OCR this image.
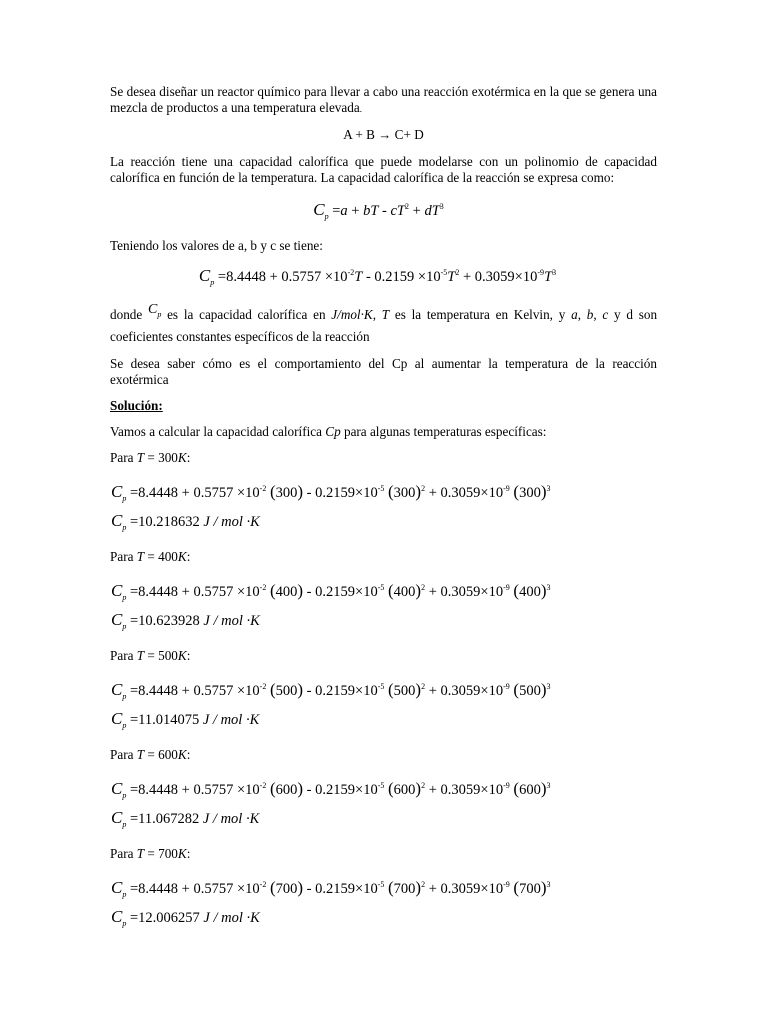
Se desea diseñar un reactor químico para llevar a cabo una reacción exotérmica en la que se genera una mezcla de productos a una temperatura elevada.

A + B → C+ D

La reacción tiene una capacidad calorífica que puede modelarse con un polinomio de capacidad calorífica en función de la temperatura. La capacidad calorífica de la reacción se expresa como:

$C_p =a$ + bT - $cT^2 + dT^3$

Teniendo los valores de a, b y c se tiene:

$C_p =8.4448 + 0.5757 \times 10^{-2}T - 0.2159 \times 10^{-5}T^2 + 0.3059\times 10^{-9}T^3$

donde $C_p$ es la capacidad calorífica en J/mol·K, T es la temperatura en Kelvin, y a, b, c y d son coeficientes constantes específicos de la reacción

Se desea saber cómo es el comportamiento del Cp al aumentar la temperatura de la reacción exotérmica

Solución:

Vamos a calcular la capacidad calorífica Cp para algunas temperaturas específicas:

Para T = 300K:

$C_p =8.4448 + 0.5757 \times 10^{-2}$ $(300) - 0.2159\times 10^{-5}$ $(300)^2 + 0.3059\times 10^{-9}$ $(300)^3$
$C_p =10.218632$ J / mol ·K

Para T = 400K:

$C_p =8.4448 + 0.5757 \times 10^{-2}$ $(400) - 0.2159\times 10^{-5}$ $(400)^2 + 0.3059\times 10^{-9}$ $(400)^3$
$C_p =10.623928$ J / mol ·K

Para T = 500K:

$C_p =8.4448 + 0.5757 \times 10^{-2}$ $(500) - 0.2159\times 10^{-5}$ $(500)^2 + 0.3059\times 10^{-9}$ $(500)^3$
$C_p =11.014075$ J / mol ·K

Para T = 600K:

$C_p =8.4448 + 0.5757 \times 10^{-2}$ $(600) - 0.2159\times 10^{-5}$ $(600)^2 + 0.3059\times 10^{-9}$ $(600)^3$
$C_p =11.067282$ J / mol ·K

Para T = 700K:

$C_p =8.4448 + 0.5757 \times 10^{-2}$ $(700) - 0.2159\times 10^{-5}$ $(700)^2 + 0.3059\times 10^{-9}$ $(700)^3$
$C_p =12.006257$ J / mol ·K
